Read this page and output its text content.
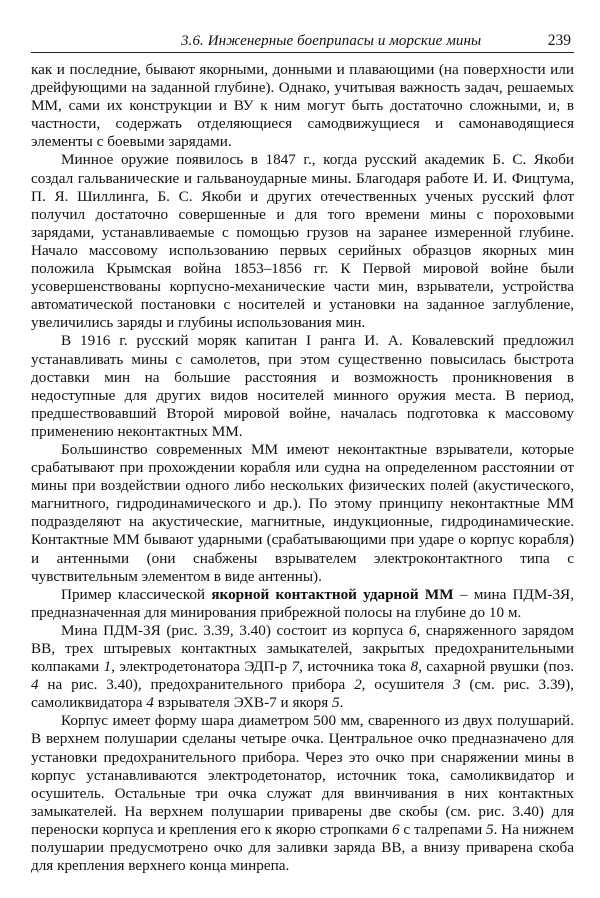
3.6. Инженерные боеприпасы и морские мины	239

как и последние, бывают якорными, донными и плавающими (на поверхности или дрейфующими на заданной глубине). Однако, учитывая важность задач, решаемых ММ, сами их конструкции и ВУ к ним могут быть достаточно сложными, и, в частности, содержать отделяющиеся самодвижущиеся и самонаводящиеся элементы с боевыми зарядами.

Минное оружие появилось в 1847 г., когда русский академик Б. С. Якоби создал гальванические и гальваноударные мины. Благодаря работе И. И. Фицтума, П. Я. Шиллинга, Б. С. Якоби и других отечественных ученых русский флот получил достаточно совершенные и для того времени мины с пороховыми зарядами, устанавливаемые с помощью грузов на заранее измеренной глубине. Начало массовому использованию первых серийных образцов якорных мин положила Крымская война 1853–1856 гг. К Первой мировой войне были усовершенствованы корпусно-механические части мин, взрыватели, устройства автоматической постановки с носителей и установки на заданное заглубление, увеличились заряды и глубины использования мин.

В 1916 г. русский моряк капитан I ранга И. А. Ковалевский предложил устанавливать мины с самолетов, при этом существенно повысилась быстрота доставки мин на большие расстояния и возможность проникновения в недоступные для других видов носителей минного оружия места. В период, предшествовавший Второй мировой войне, началась подготовка к массовому применению неконтактных ММ.

Большинство современных ММ имеют неконтактные взрыватели, которые срабатывают при прохождении корабля или судна на определенном расстоянии от мины при воздействии одного либо нескольких физических полей (акустического, магнитного, гидродинамического и др.). По этому принципу неконтактные ММ подразделяют на акустические, магнитные, индукционные, гидродинамические. Контактные ММ бывают ударными (срабатывающими при ударе о корпус корабля) и антенными (они снабжены взрывателем электроконтактного типа с чувствительным элементом в виде антенны).

Пример классической якорной контактной ударной ММ – мина ПДМ-3Я, предназначенная для минирования прибрежной полосы на глубине до 10 м.

Мина ПДМ-3Я (рис. 3.39, 3.40) состоит из корпуса 6, снаряженного зарядом ВВ, трех штыревых контактных замыкателей, закрытых предохранительными колпаками 1, электродетонатора ЭДП-р 7, источника тока 8, сахарной рвушки (поз. 4 на рис. 3.40), предохранительного прибора 2, осушителя 3 (см. рис. 3.39), самоликвидатора 4 взрывателя ЭХВ-7 и якоря 5.

Корпус имеет форму шара диаметром 500 мм, сваренного из двух полушарий. В верхнем полушарии сделаны четыре очка. Центральное очко предназначено для установки предохранительного прибора. Через это очко при снаряжении мины в корпус устанавливаются электродетонатор, источник тока, самоликвидатор и осушитель. Остальные три очка служат для ввинчивания в них контактных замыкателей. На верхнем полушарии приварены две скобы (см. рис. 3.40) для переноски корпуса и крепления его к якорю стропками 6 с талрепами 5. На нижнем полушарии предусмотрено очко для заливки заряда ВВ, а внизу приварена скоба для крепления верхнего конца минрепа.
